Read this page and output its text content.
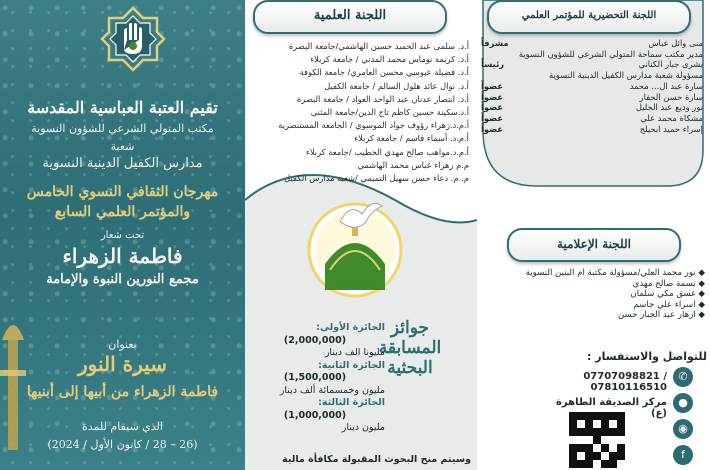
تقيم العتبة العباسية المقدسة
مكتب المتولي الشرعي للشؤون النسوية
شعبة
مدارس الكفيل الدينية النسوية
مهرجان الثقافي النسوي الخامس
والمؤتمر العلمي السابع
تحت شعار
فاطمة الزهراء
مجمع النورين النبوة والإمامة
بعنوان
سيرة النور
فاطمة الزهراء من أبيها إلى أبنيها
الذي سيقام للمدة
(26 – 28 / كانون الأول / 2024)
اللجنة العلمية
أ.د. سلمى عبد الحميد حسين الهاشمي/جامعة البصرة
أ.د. كريمة نوماس محمد المدني / جامعة كربلاء
أ.د. فضيلة عبوسي محسن العامري/ جامعة الكوفة
أ.د. نوال عائد هلول السالم / جامعة الكفيل
أ.د. انتصار عدنان عبد الواحد العواد / جامعة البصرة
أ.د.سكينة حسين كاظم تاج الدين/جامعة المثنى
أ.م.د.زهراء رؤوف جواد الموسوي / الجامعة المستنصرية
أ.م.د. أسماء قاسم / جامعة كربلاء
أ.م.د.مواهب صالح مهدي الخطيب /جامعة كربلاء
م.م زهراء عباس محمد الهاشمي
م. م. دعاء حسن سهيل التميمي /شعبة مدارس الكفيل
روح النور
جوائز
المسابقة
البحثية
الجائزة الأولى:
(2,000,000)
مليونا الف دينار
الجائزة الثانية:
(1,500,000)
مليون وخمسمائة ألف دينار
الجائزة الثالثة:
(1,000,000)
مليون دينار
وسيتم منح البحوث المقبولة مكافأة مالية
اللجنة التحضيرية للمؤتمر العلمي
منى وائل عباس
مشرفاً
مدير مكتب سماحة المتولي الشرعي للشؤون النسوية
بشرى جبار الكناني
رئيساً
مسؤولة شعبة مدارس الكفيل الدينية النسوية
سارة عبد ال... محمد
عضواً
سارة حسن الحفار
عضواً
نور وديع عبد الجليل
عضواً
مشكاة محمد علي
عضواً
إسراء حميد ابحيلج
عضواً
اللجنة الإعلامية
◆ نور محمد العلي/مسؤولة مكتبة ام البنين النسوية
◆ بسمة صالح مهدي
◆ غسق مكي سلمان
◆ اسراء علي جاسم
◆ ازهار عبد الجبار حسن
للتواصل والاستفسار :
✆
07707098821 / 07810116510
●
مركز الصديقة الطاهرة (ع)
◉
f
